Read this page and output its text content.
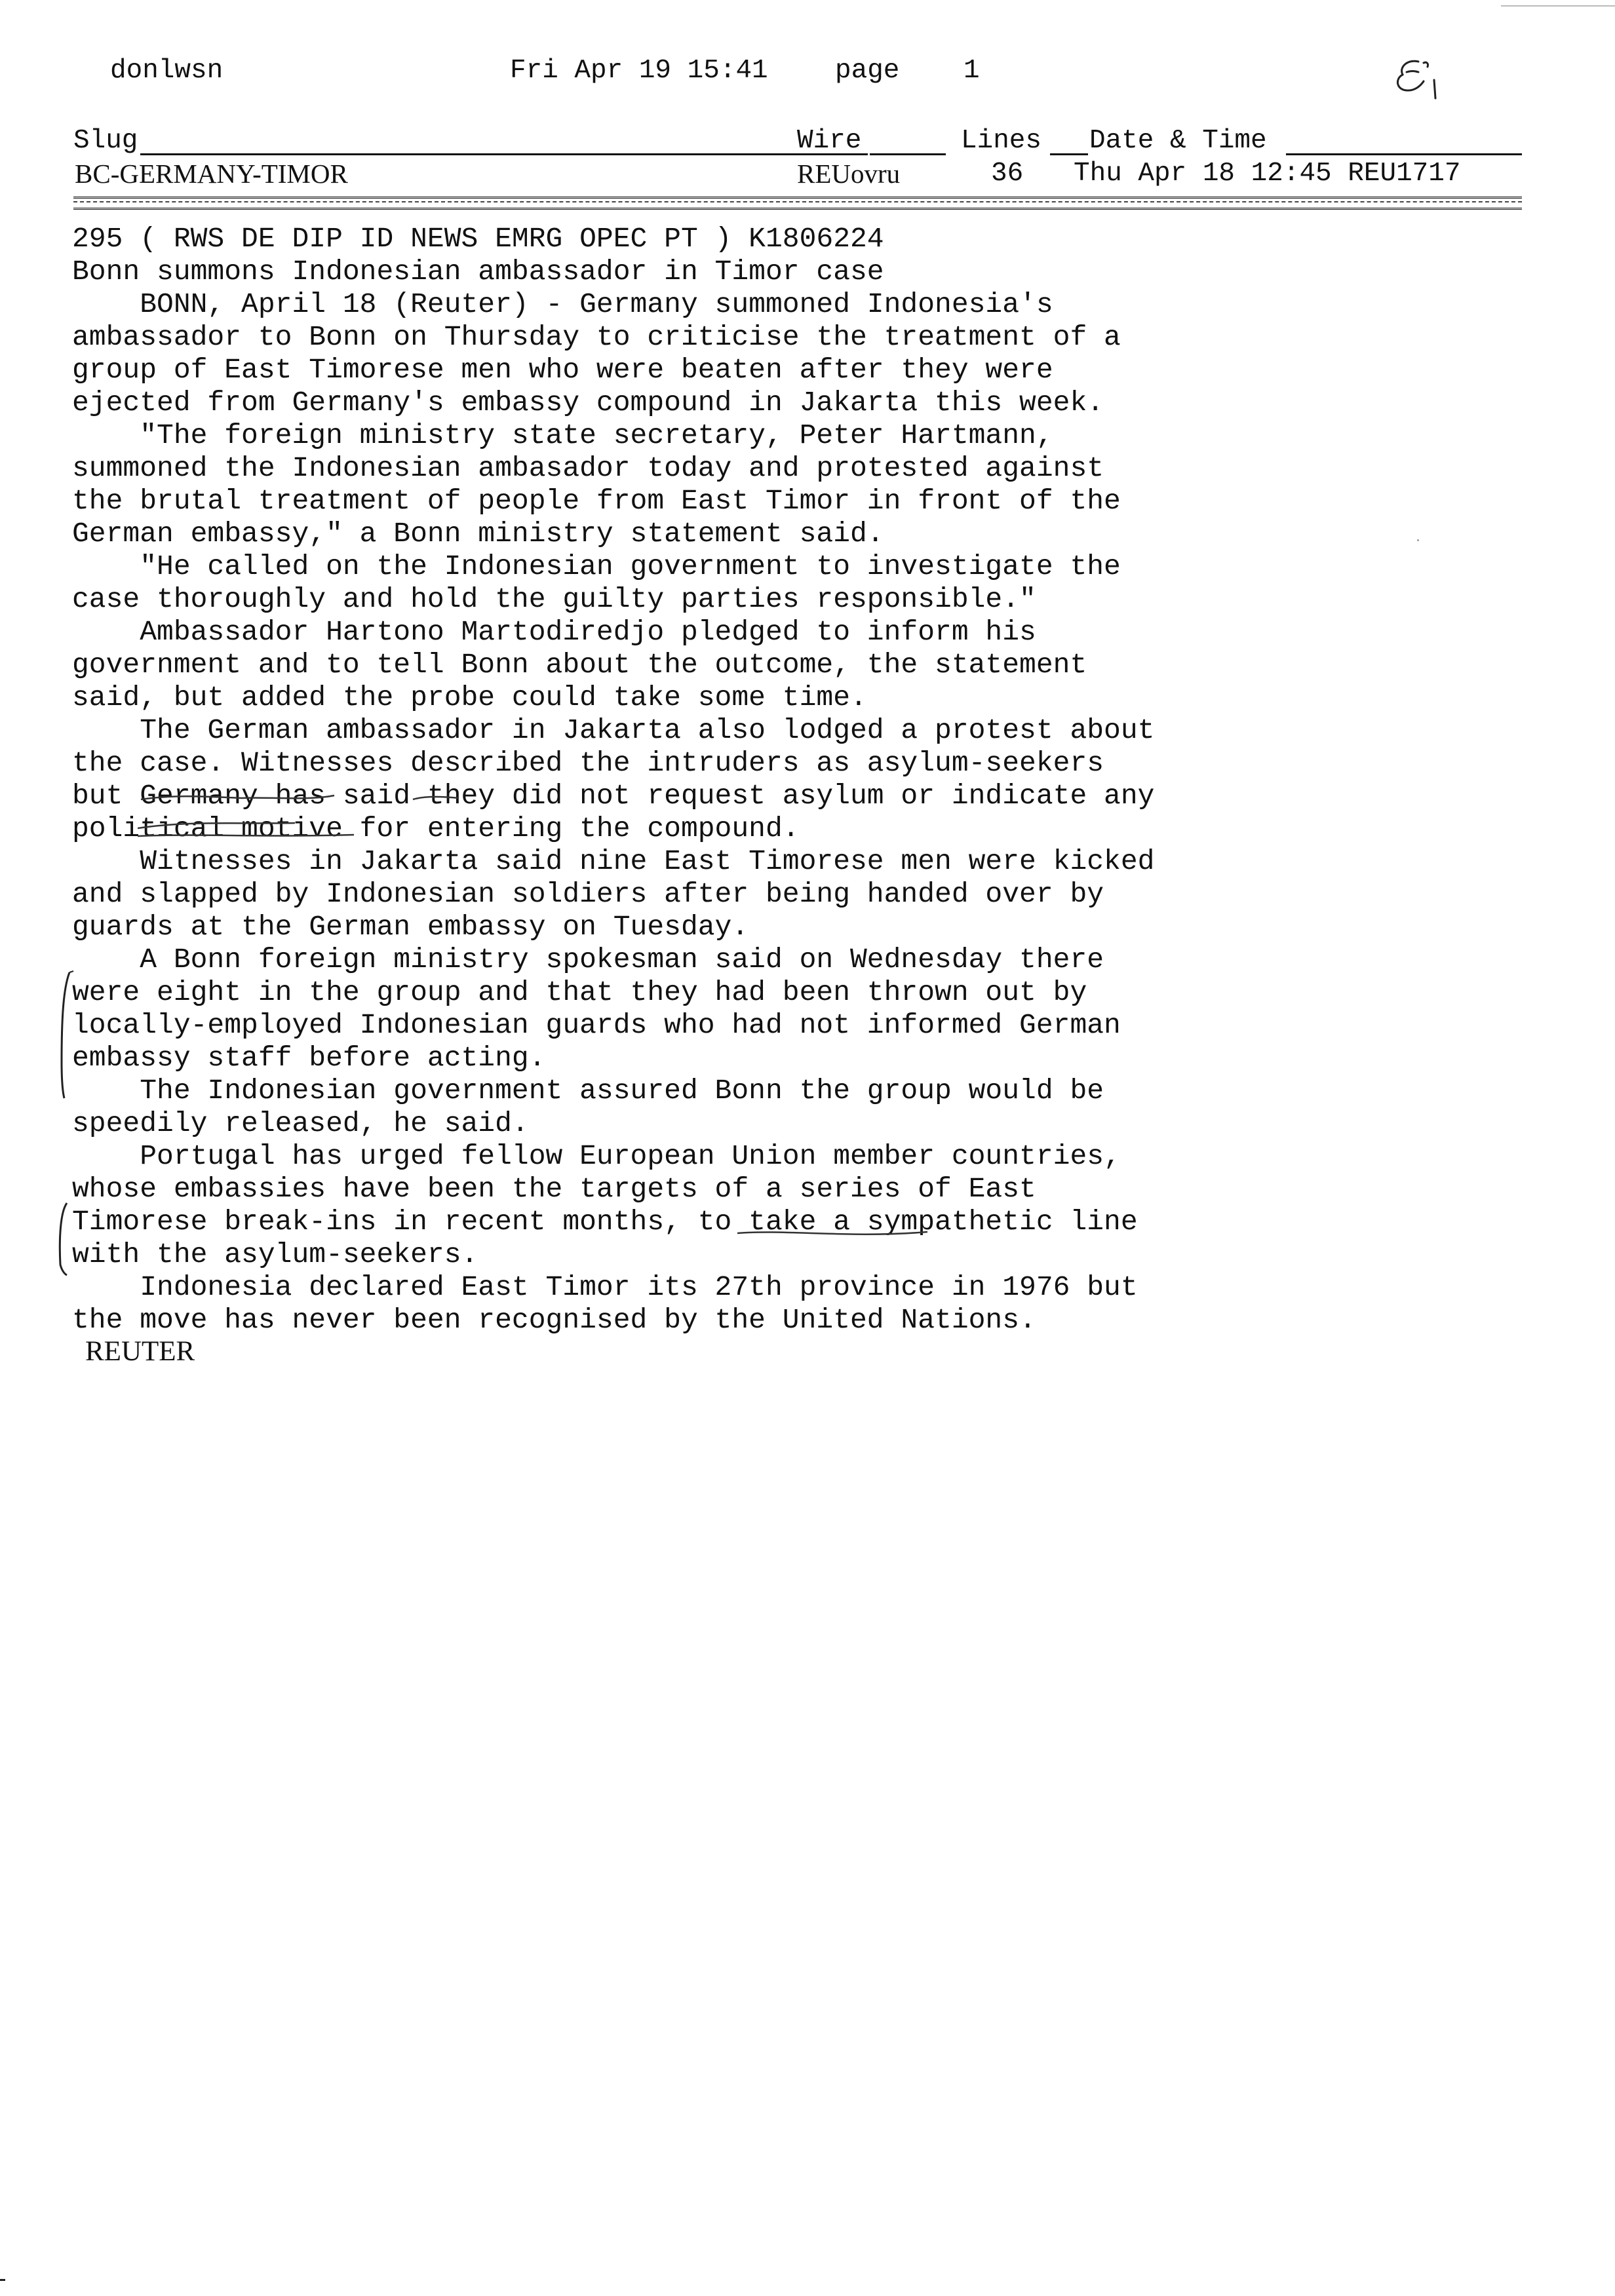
donlwsn	Fri Apr 19 15:41 page 1
Slug	Wire	Lines Date & Time
BC-GERMANY-TIMOR	REUovru	36 Thu Apr 18 12:45 REU1717
295 ( RWS DE DIP ID NEWS EMRG OPEC PT ) K1806224
Bonn summons Indonesian ambassador in Timor case
BONN, April 18 (Reuter) - Germany summoned Indonesia's
ambassador to Bonn on Thursday to criticise the treatment of a
group of East Timorese men who were beaten after they were
ejected from Germany's embassy compound in Jakarta this week.
"The foreign ministry state secretary, Peter Hartmann,
summoned the Indonesian ambasador today and protested against
the brutal treatment of people from East Timor in front of the
German embassy," a Bonn ministry statement said.
"He called on the Indonesian government to investigate the
case thoroughly and hold the guilty parties responsible."
Ambassador Hartono Martodiredjo pledged to inform his
government and to tell Bonn about the outcome, the statement
said, but added the probe could take some time.
The German ambassador in Jakarta also lodged a protest about
the case. Witnesses described the intruders as asylum-seekers
but Germany has said they did not request asylum or indicate any
political motive for entering the compound.
Witnesses in Jakarta said nine East Timorese men were kicked
and slapped by Indonesian soldiers after being handed over by
guards at the German embassy on Tuesday.
A Bonn foreign ministry spokesman said on Wednesday there
were eight in the group and that they had been thrown out by
locally-employed Indonesian guards who had not informed German
embassy staff before acting.
The Indonesian government assured Bonn the group would be
speedily released, he said.
Portugal has urged fellow European Union member countries,
whose embassies have been the targets of a series of East
Timorese break-ins in recent months, to take a sympathetic line
with the asylum-seekers.
Indonesia declared East Timor its 27th province in 1976 but
the move has never been recognised by the United Nations.
REUTER
